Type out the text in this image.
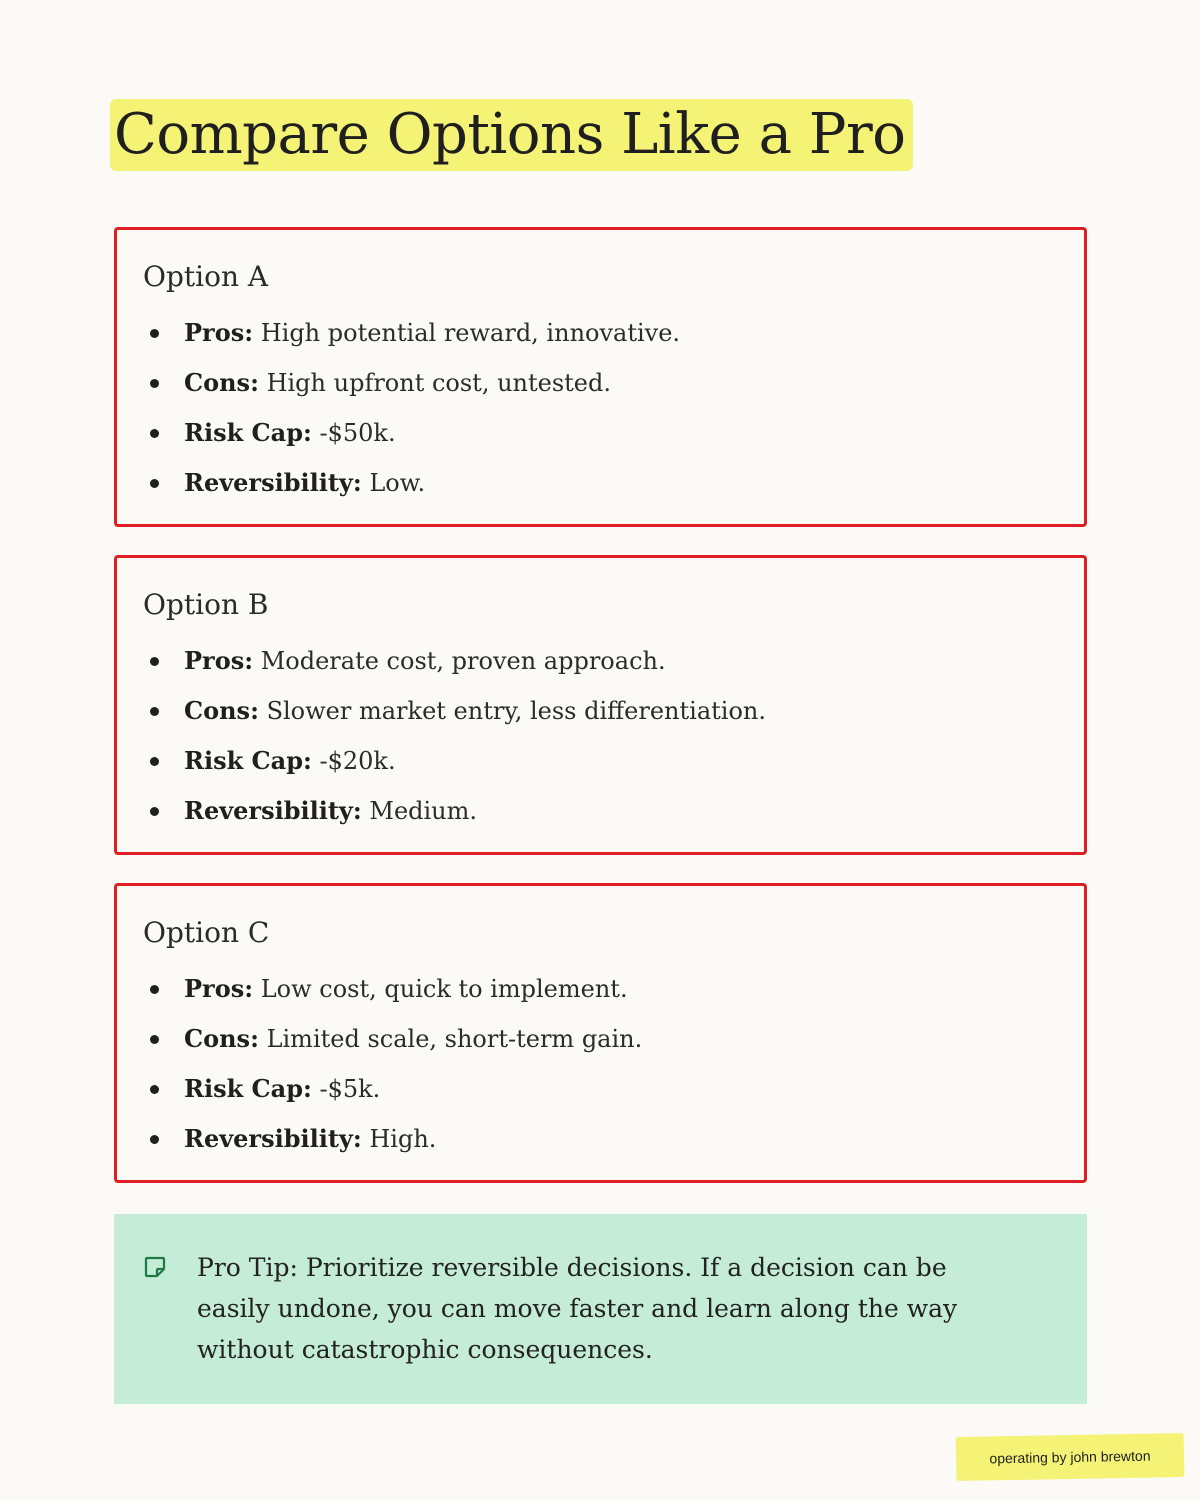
Compare Options Like a Pro
Option A
Pros: High potential reward, innovative.
Cons: High upfront cost, untested.
Risk Cap: -$50k.
Reversibility: Low.
Option B
Pros: Moderate cost, proven approach.
Cons: Slower market entry, less differentiation.
Risk Cap: -$20k.
Reversibility: Medium.
Option C
Pros: Low cost, quick to implement.
Cons: Limited scale, short-term gain.
Risk Cap: -$5k.
Reversibility: High.

Pro Tip: Prioritize reversible decisions. If a decision can be easily undone, you can move faster and learn along the way without catastrophic consequences.

operating by john brewton
